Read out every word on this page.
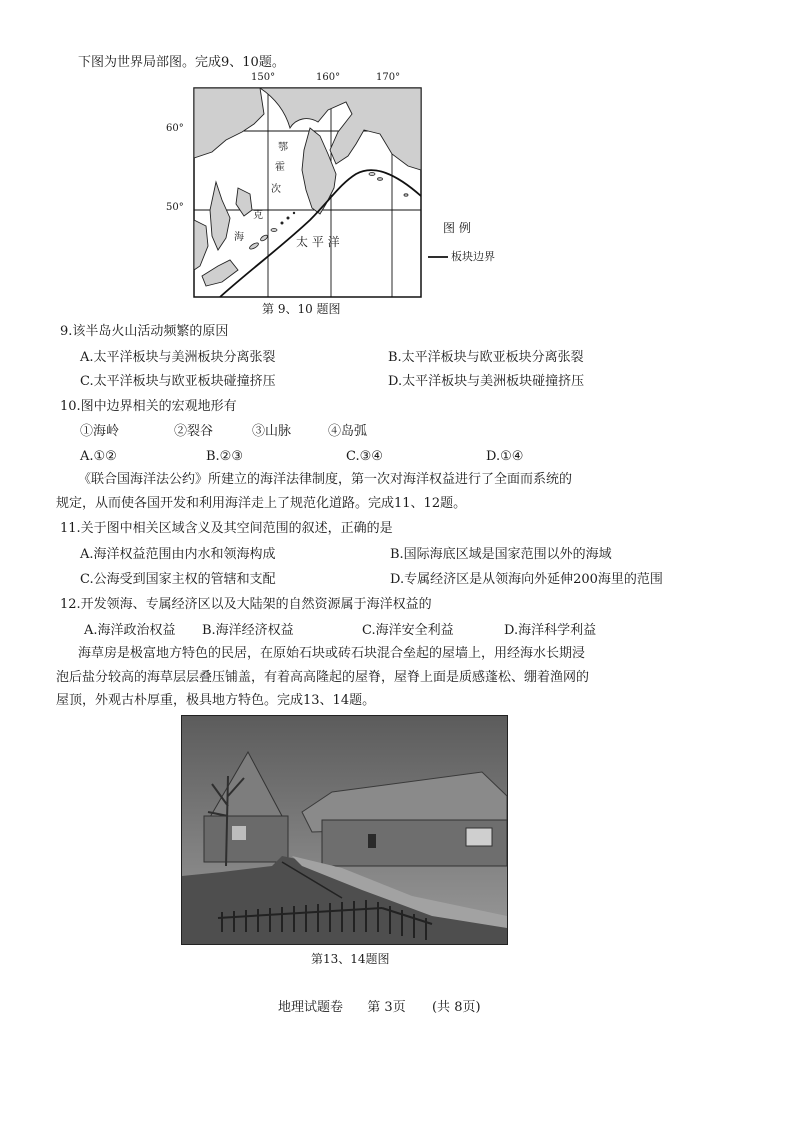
下图为世界局部图。完成9、10题。
150°	160°	170°
60°
50°
鄂
霍
次
克
海	太 平 洋
图 例
板块边界
第 9、10 题图
9.该半岛火山活动频繁的原因
A.太平洋板块与美洲板块分离张裂	B.太平洋板块与欧亚板块分离张裂
C.太平洋板块与欧亚板块碰撞挤压	D.太平洋板块与美洲板块碰撞挤压
10.图中边界相关的宏观地形有
①海岭	②裂谷	③山脉	④岛弧
A.①②	B.②③	C.③④	D.①④
《联合国海洋法公约》所建立的海洋法律制度，第一次对海洋权益进行了全面而系统的
规定，从而使各国开发和利用海洋走上了规范化道路。完成11、12题。
11.关于图中相关区域含义及其空间范围的叙述，正确的是
A.海洋权益范围由内水和领海构成	B.国际海底区域是国家范围以外的海域
C.公海受到国家主权的管辖和支配	D.专属经济区是从领海向外延伸200海里的范围
12.开发领海、专属经济区以及大陆架的自然资源属于海洋权益的
A.海洋政治权益 B.海洋经济权益	C.海洋安全利益	D.海洋科学利益
海草房是极富地方特色的民居，在原始石块或砖石块混合垒起的屋墙上，用经海水长期浸
泡后盐分较高的海草层层叠压铺盖，有着高高隆起的屋脊，屋脊上面是质感蓬松、绷着渔网的
屋顶，外观古朴厚重，极具地方特色。完成13、14题。
第13、14题图
地理试题卷 第 3页 (共 8页)
